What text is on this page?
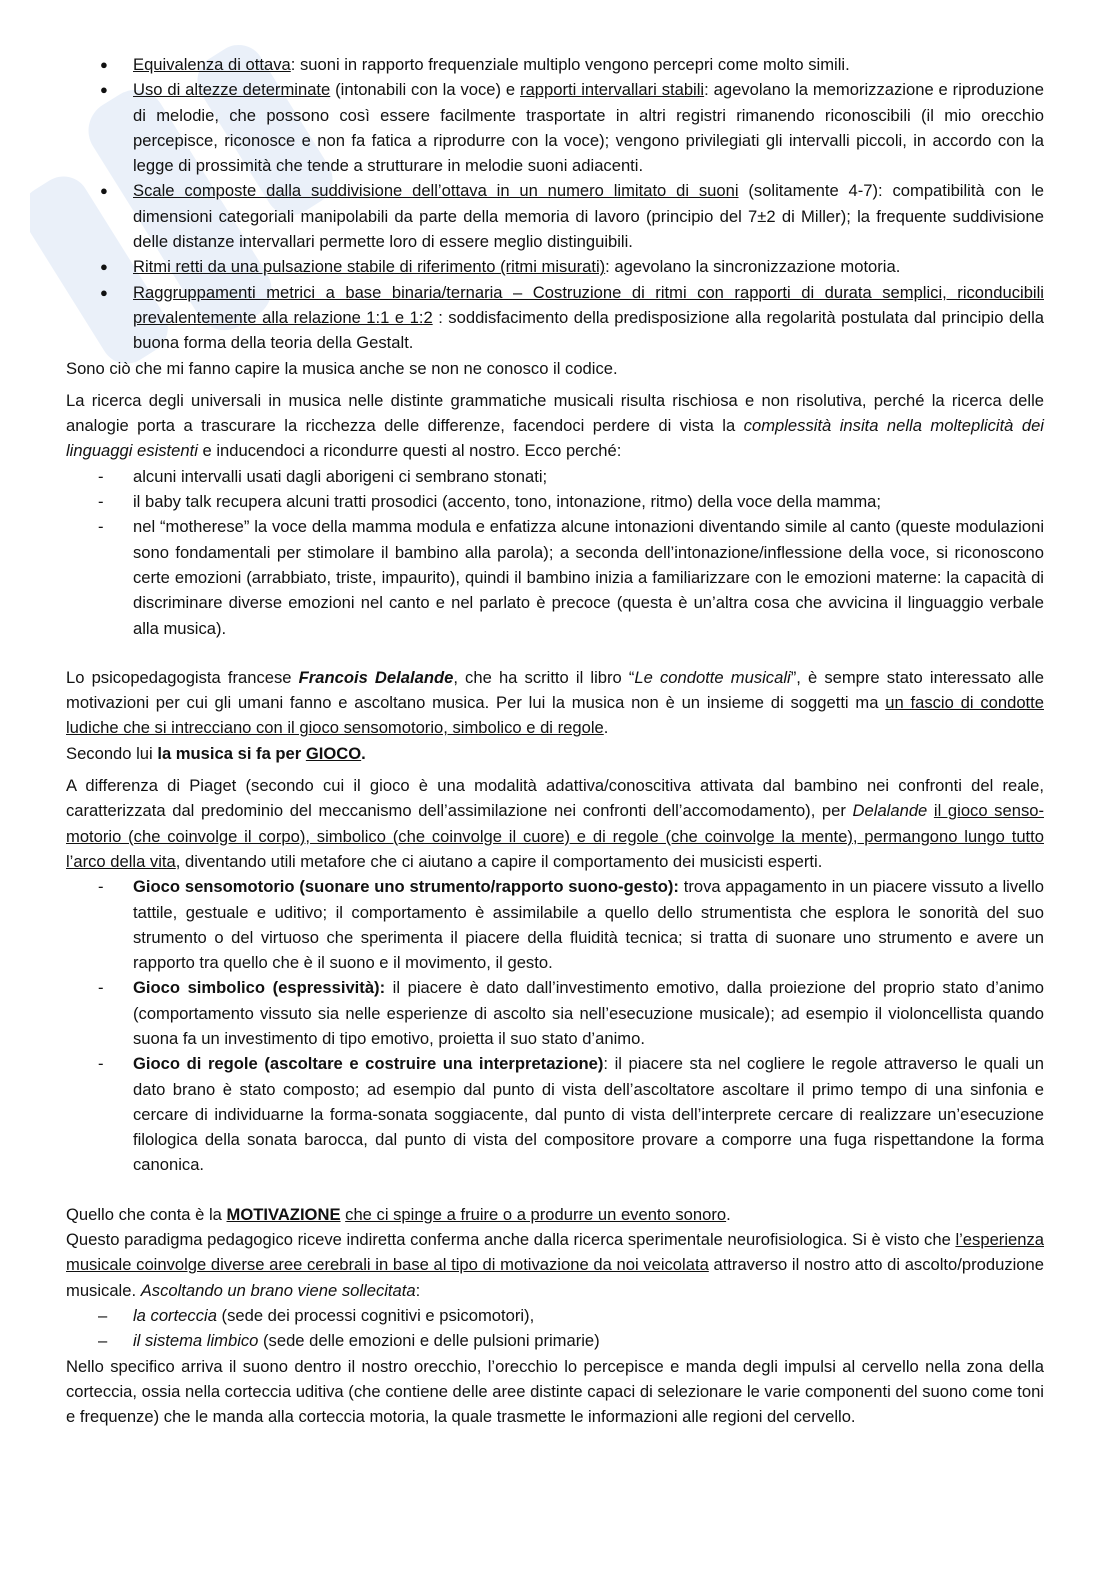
● Equivalenza di ottava: suoni in rapporto frequenziale multiplo vengono percepri come molto simili.
● Uso di altezze determinate (intonabili con la voce) e rapporti intervallari stabili: agevolano la memorizzazione e riproduzione di melodie, che possono così essere facilmente trasportate in altri registri rimanendo riconoscibili (il mio orecchio percepisce, riconosce e non fa fatica a riprodurre con la voce); vengono privilegiati gli intervalli piccoli, in accordo con la legge di prossimità che tende a strutturare in melodie suoni adiacenti.
● Scale composte dalla suddivisione dell’ottava in un numero limitato di suoni (solitamente 4-7): compatibilità con le dimensioni categoriali manipolabili da parte della memoria di lavoro (principio del 7±2 di Miller); la frequente suddivisione delle distanze intervallari permette loro di essere meglio distinguibili.
● Ritmi retti da una pulsazione stabile di riferimento (ritmi misurati): agevolano la sincronizzazione motoria.
● Raggruppamenti metrici a base binaria/ternaria – Costruzione di ritmi con rapporti di durata semplici, riconducibili prevalentemente alla relazione 1:1 e 1:2 : soddisfacimento della predisposizione alla regolarità postulata dal principio della buona forma della teoria della Gestalt.

Sono ciò che mi fanno capire la musica anche se non ne conosco il codice.

La ricerca degli universali in musica nelle distinte grammatiche musicali risulta rischiosa e non risolutiva, perché la ricerca delle analogie porta a trascurare la ricchezza delle differenze, facendoci perdere di vista la complessità insita nella molteplicità dei linguaggi esistenti e inducendoci a ricondurre questi al nostro. Ecco perché:

- alcuni intervalli usati dagli aborigeni ci sembrano stonati;
- il baby talk recupera alcuni tratti prosodici (accento, tono, intonazione, ritmo) della voce della mamma;
- nel “motherese” la voce della mamma modula e enfatizza alcune intonazioni diventando simile al canto (queste modulazioni sono fondamentali per stimolare il bambino alla parola); a seconda dell’intonazione/inflessione della voce, si riconoscono certe emozioni (arrabbiato, triste, impaurito), quindi il bambino inizia a familiarizzare con le emozioni materne: la capacità di discriminare diverse emozioni nel canto e nel parlato è precoce (questa è un’altra cosa che avvicina il linguaggio verbale alla musica).

Lo psicopedagogista francese Francois Delalande, che ha scritto il libro “Le condotte musicali”, è sempre stato interessato alle motivazioni per cui gli umani fanno e ascoltano musica. Per lui la musica non è un insieme di soggetti ma un fascio di condotte ludiche che si intrecciano con il gioco sensomotorio, simbolico e di regole.

Secondo lui la musica si fa per GIOCO.

A differenza di Piaget (secondo cui il gioco è una modalità adattiva/conoscitiva attivata dal bambino nei confronti del reale, caratterizzata dal predominio del meccanismo dell’assimilazione nei confronti dell’accomodamento), per Delalande il gioco senso-motorio (che coinvolge il corpo), simbolico (che coinvolge il cuore) e di regole (che coinvolge la mente), permangono lungo tutto l’arco della vita, diventando utili metafore che ci aiutano a capire il comportamento dei musicisti esperti.

- Gioco sensomotorio (suonare uno strumento/rapporto suono-gesto): trova appagamento in un piacere vissuto a livello tattile, gestuale e uditivo; il comportamento è assimilabile a quello dello strumentista che esplora le sonorità del suo strumento o del virtuoso che sperimenta il piacere della fluidità tecnica; si tratta di suonare uno strumento e avere un rapporto tra quello che è il suono e il movimento, il gesto.
- Gioco simbolico (espressività): il piacere è dato dall’investimento emotivo, dalla proiezione del proprio stato d’animo (comportamento vissuto sia nelle esperienze di ascolto sia nell’esecuzione musicale); ad esempio il violoncellista quando suona fa un investimento di tipo emotivo, proietta il suo stato d’animo.
- Gioco di regole (ascoltare e costruire una interpretazione): il piacere sta nel cogliere le regole attraverso le quali un dato brano è stato composto; ad esempio dal punto di vista dell’ascoltatore ascoltare il primo tempo di una sinfonia e cercare di individuarne la forma-sonata soggiacente, dal punto di vista dell’interprete cercare di realizzare un’esecuzione filologica della sonata barocca, dal punto di vista del compositore provare a comporre una fuga rispettandone la forma canonica.

Quello che conta è la MOTIVAZIONE che ci spinge a fruire o a produrre un evento sonoro.

Questo paradigma pedagogico riceve indiretta conferma anche dalla ricerca sperimentale neurofisiologica. Si è visto che l’esperienza musicale coinvolge diverse aree cerebrali in base al tipo di motivazione da noi veicolata attraverso il nostro atto di ascolto/produzione musicale. Ascoltando un brano viene sollecitata:

– la corteccia (sede dei processi cognitivi e psicomotori),
– il sistema limbico (sede delle emozioni e delle pulsioni primarie)

Nello specifico arriva il suono dentro il nostro orecchio, l’orecchio lo percepisce e manda degli impulsi al cervello nella zona della corteccia, ossia nella corteccia uditiva (che contiene delle aree distinte capaci di selezionare le varie componenti del suono come toni e frequenze) che le manda alla corteccia motoria, la quale trasmette le informazioni alle regioni del cervello.
